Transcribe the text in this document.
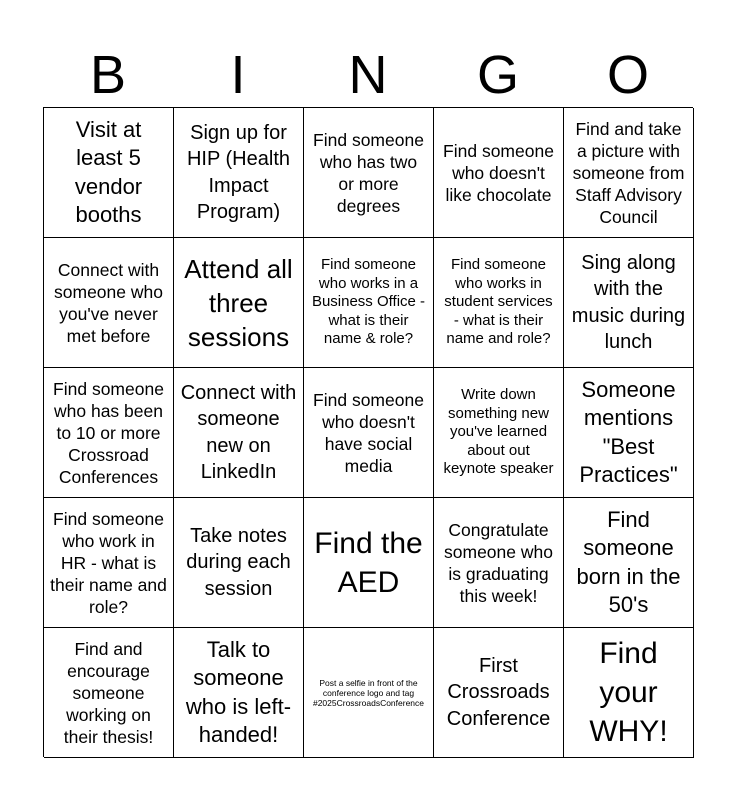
B	I	N	G	O
Visit at least 5 vendor booths
Sign up for HIP (Health Impact Program)
Find someone who has two or more degrees
Find someone who doesn't like chocolate
Find and take a picture with someone from Staff Advisory Council
Connect with someone who you've never met before
Attend all three sessions
Find someone who works in a Business Office - what is their name & role?
Find someone who works in student services - what is their name and role?
Sing along with the music during lunch
Find someone who has been to 10 or more Crossroad Conferences
Connect with someone new on LinkedIn
Find someone who doesn't have social media
Write down something new you've learned about out keynote speaker
Someone mentions "Best Practices"
Find someone who work in HR - what is their name and role?
Take notes during each session
Find the AED
Congratulate someone who is graduating this week!
Find someone born in the 50's
Find and encourage someone working on their thesis!
Talk to someone who is left-handed!
Post a selfie in front of the conference logo and tag #2025CrossroadsConference
First Crossroads Conference
Find your WHY!
